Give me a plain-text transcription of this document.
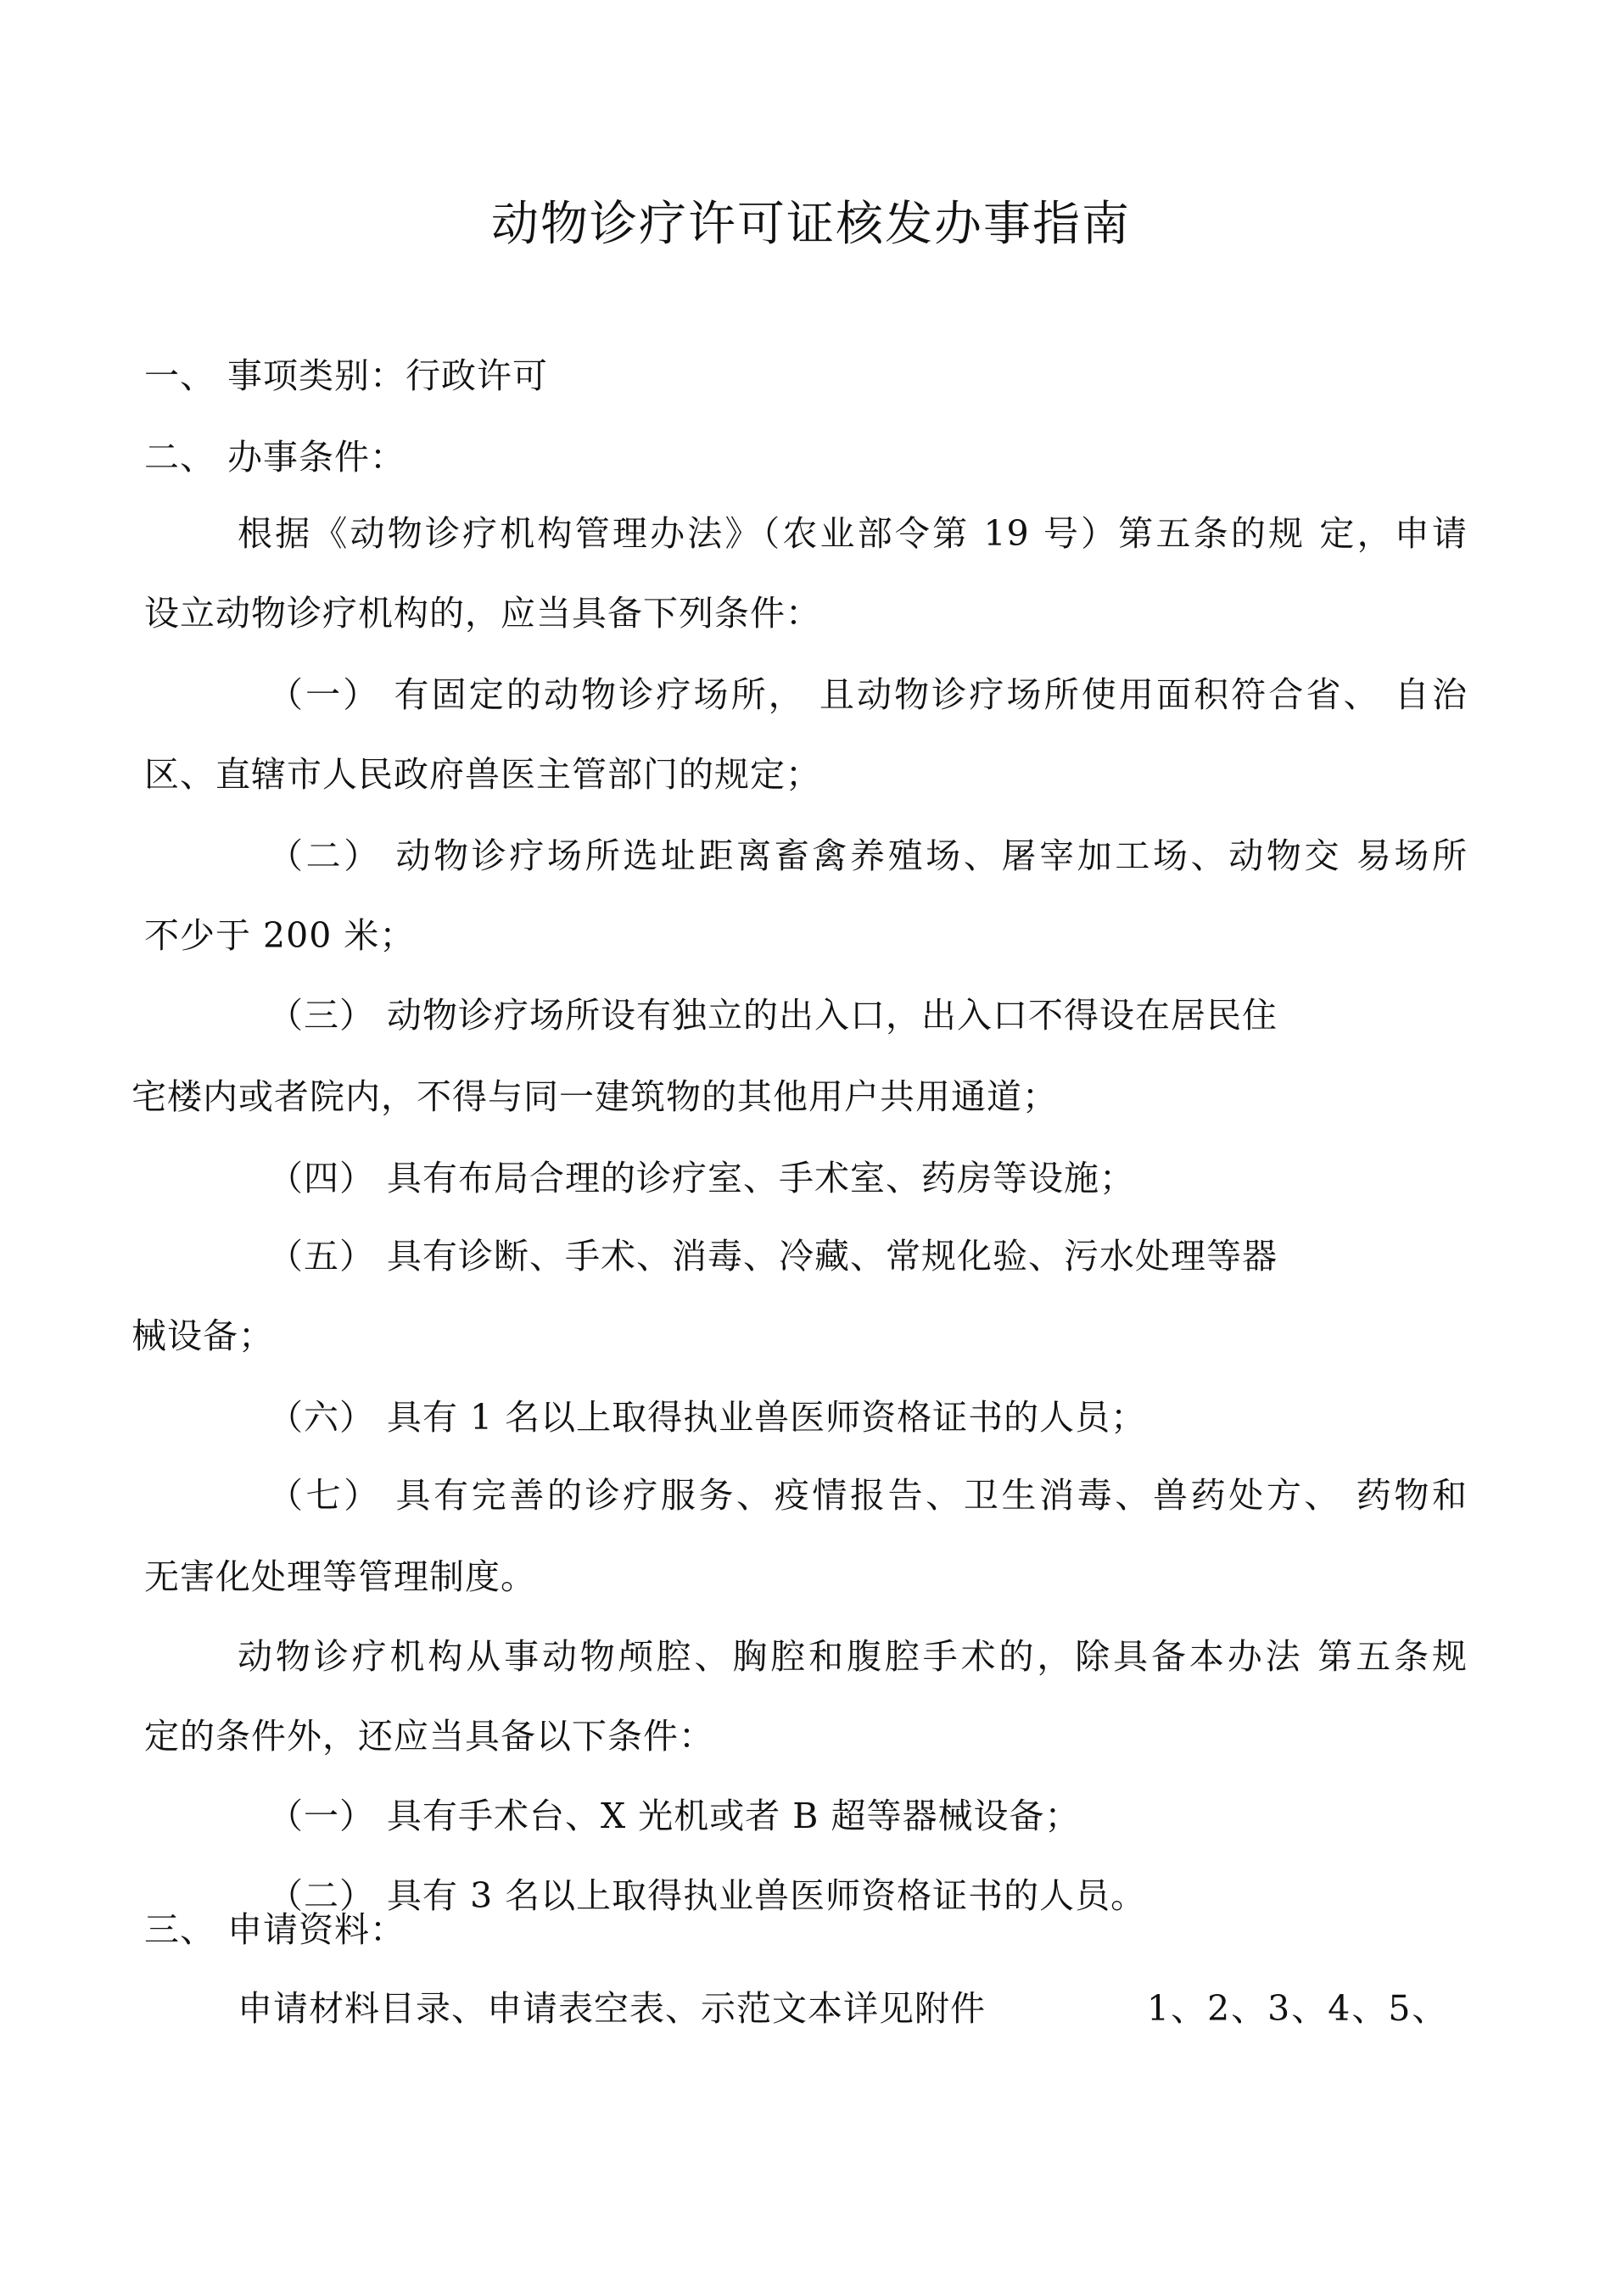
动物诊疗许可证核发办事指南
一、 事项类别：行政许可
二、 办事条件：
根据《动物诊疗机构管理办法》（农业部令第 19 号）第五条的规 定，申请
设立动物诊疗机构的，应当具备下列条件：
（一） 有固定的动物诊疗场所， 且动物诊疗场所使用面积符合省、 自治
区、直辖市人民政府兽医主管部门的规定；
（二） 动物诊疗场所选址距离畜禽养殖场、屠宰加工场、动物交 易场所
不少于 200 米；
（三） 动物诊疗场所设有独立的出入口，出入口不得设在居民住
宅楼内或者院内，不得与同一建筑物的其他用户共用通道；
（四） 具有布局合理的诊疗室、手术室、药房等设施；
（五） 具有诊断、手术、消毒、冷藏、常规化验、污水处理等器
械设备；
（六） 具有 1 名以上取得执业兽医师资格证书的人员；
（七） 具有完善的诊疗服务、疫情报告、卫生消毒、兽药处方、 药物和
无害化处理等管理制度。
动物诊疗机构从事动物颅腔、胸腔和腹腔手术的，除具备本办法 第五条规
定的条件外，还应当具备以下条件：
（一） 具有手术台、X 光机或者 B 超等器械设备；
（二） 具有 3 名以上取得执业兽医师资格证书的人员。
三、 申请资料：
申请材料目录、申请表空表、示范文本详见附件	1、2、3、4、5、
